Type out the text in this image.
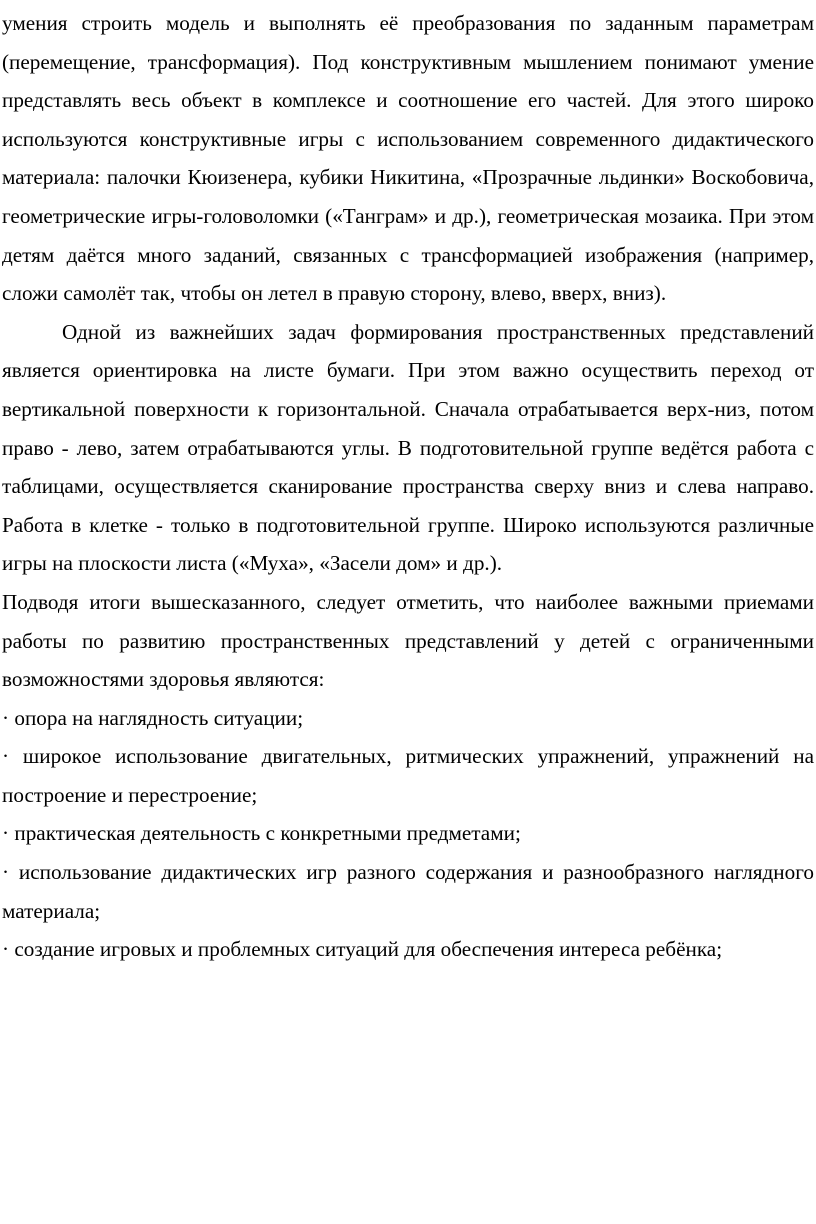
умения строить модель и выполнять её преобразования по заданным параметрам (перемещение, трансформация). Под конструктивным мышлением понимают умение представлять весь объект в комплексе и соотношение его частей. Для этого широко используются конструктивные игры с использованием современного дидактического материала: палочки Кюизенера, кубики Никитина, «Прозрачные льдинки» Воскобовича, геометрические игры-головоломки («Танграм» и др.), геометрическая мозаика. При этом детям даётся много заданий, связанных с трансформацией изображения (например, сложи самолёт так, чтобы он летел в правую сторону, влево, вверх, вниз).

Одной из важнейших задач формирования пространственных представлений является ориентировка на листе бумаги. При этом важно осуществить переход от вертикальной поверхности к горизонтальной. Сначала отрабатывается верх-низ, потом право - лево, затем отрабатываются углы. В подготовительной группе ведётся работа с таблицами, осуществляется сканирование пространства сверху вниз и слева направо. Работа в клетке - только в подготовительной группе. Широко используются различные игры на плоскости листа («Муха», «Засели дом» и др.).

Подводя итоги вышесказанного, следует отметить, что наиболее важными приемами работы по развитию пространственных представлений у детей с ограниченными возможностями здоровья являются:

· опора на наглядность ситуации;

· широкое использование двигательных, ритмических упражнений, упражнений на построение и перестроение;

· практическая деятельность с конкретными предметами;

· использование дидактических игр разного содержания и разнообразного наглядного материала;

· создание игровых и проблемных ситуаций для обеспечения интереса ребёнка;
